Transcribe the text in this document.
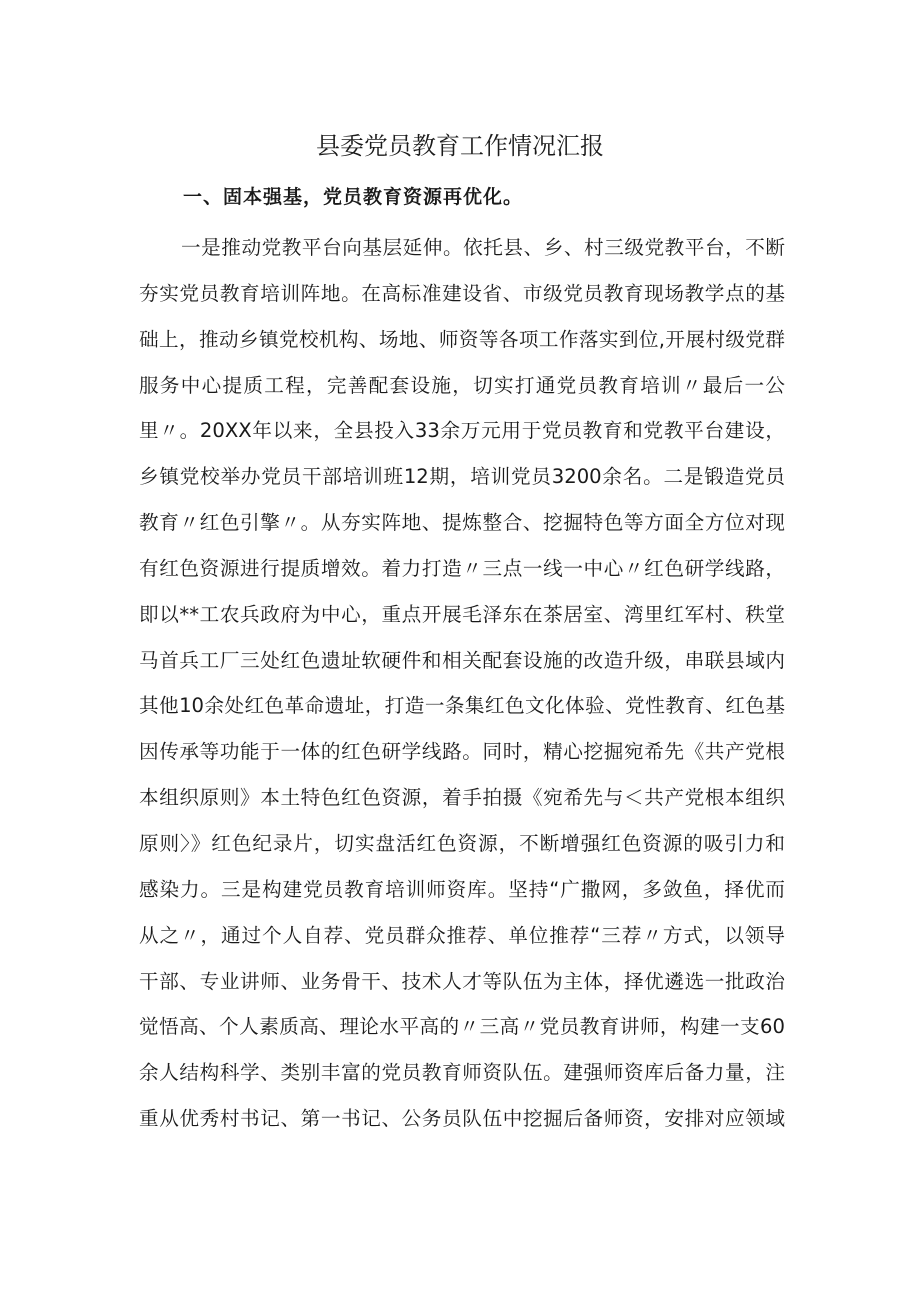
县委党员教育工作情况汇报
一、固本强基，党员教育资源再优化。
一是推动党教平台向基层延伸。依托县、乡、村三级党教平台，不断
夯实党员教育培训阵地。在高标准建设省、市级党员教育现场教学点的基
础上，推动乡镇党校机构、场地、师资等各项工作落实到位,开展村级党群
服务中心提质工程，完善配套设施，切实打通党员教育培训〃最后一公
里〃。20XX年以来，全县投入33余万元用于党员教育和党教平台建设，
乡镇党校举办党员干部培训班12期，培训党员3200余名。二是锻造党员
教育〃红色引擎〃。从夯实阵地、提炼整合、挖掘特色等方面全方位对现
有红色资源进行提质增效。着力打造〃三点一线一中心〃红色研学线路，
即以**工农兵政府为中心，重点开展毛泽东在茶居室、湾里红军村、秩堂
马首兵工厂三处红色遗址软硬件和相关配套设施的改造升级，串联县域内
其他10余处红色革命遗址，打造一条集红色文化体验、党性教育、红色基
因传承等功能于一体的红色研学线路。同时，精心挖掘宛希先《共产党根
本组织原则》本土特色红色资源，着手拍摄《宛希先与＜共产党根本组织
原则〉》红色纪录片，切实盘活红色资源，不断增强红色资源的吸引力和
感染力。三是构建党员教育培训师资库。坚持“广撒网，多敛鱼，择优而
从之〃，通过个人自荐、党员群众推荐、单位推荐“三荐〃方式，以领导
干部、专业讲师、业务骨干、技术人才等队伍为主体，择优遴选一批政治
觉悟高、个人素质高、理论水平高的〃三高〃党员教育讲师，构建一支60
余人结构科学、类别丰富的党员教育师资队伍。建强师资库后备力量，注
重从优秀村书记、第一书记、公务员队伍中挖掘后备师资，安排对应领域
